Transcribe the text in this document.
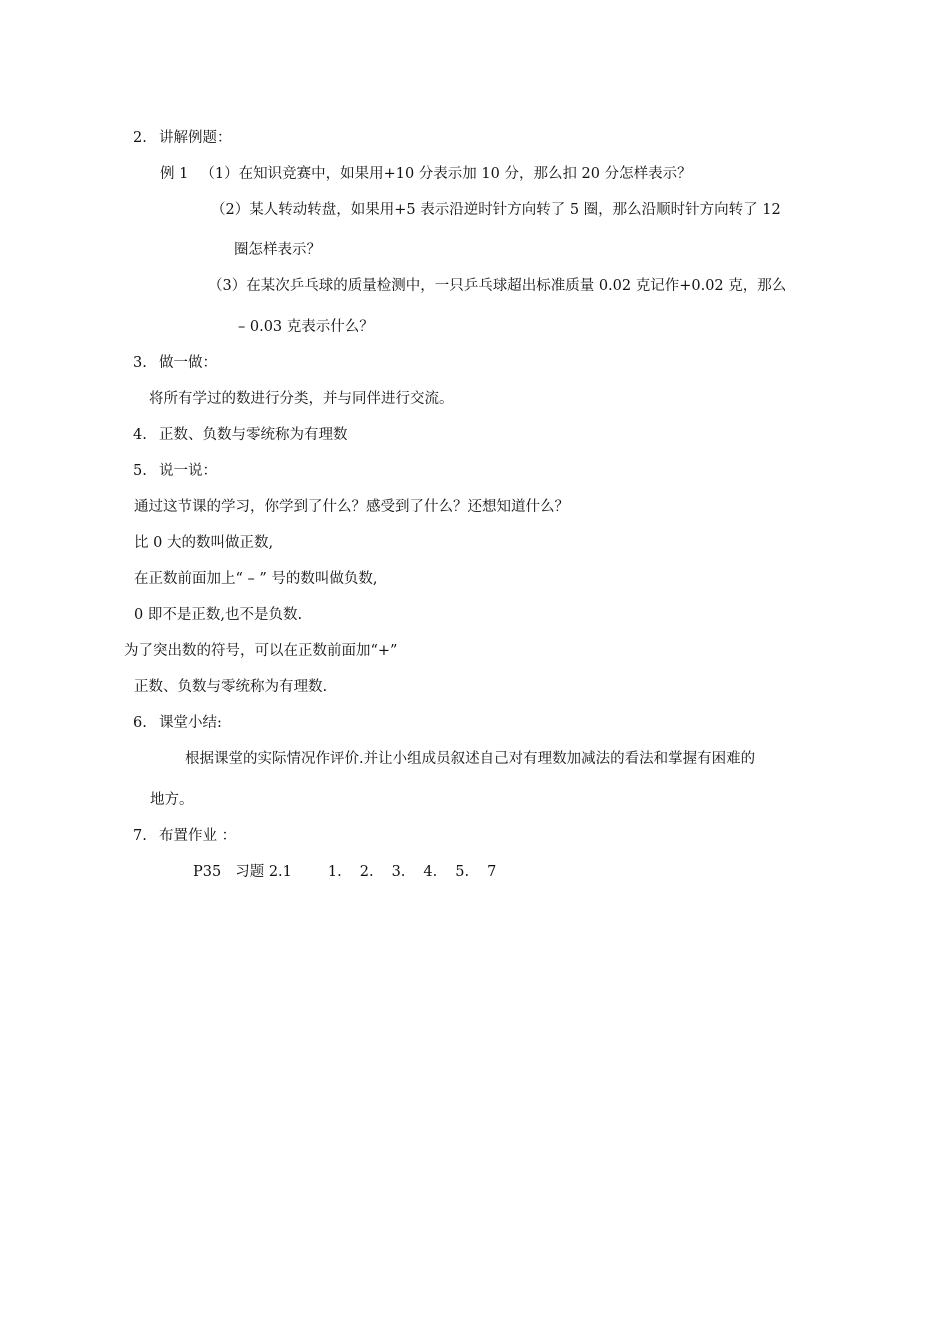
2. 讲解例题：
例 1 （1）在知识竞赛中，如果用+10 分表示加 10 分，那么扣 20 分怎样表示？
（2）某人转动转盘，如果用+5 表示沿逆时针方向转了 5 圈，那么沿顺时针方向转了 12
圈怎样表示？
（3）在某次乒乓球的质量检测中，一只乒乓球超出标准质量 0.02 克记作+0.02 克，那么
– 0.03 克表示什么？
3. 做一做：
将所有学过的数进行分类，并与同伴进行交流。
4. 正数、负数与零统称为有理数
5. 说一说：
通过这节课的学习，你学到了什么？感受到了什么？还想知道什么？
比 0 大的数叫做正数,
在正数前面加上“ – ” 号的数叫做负数,
0 即不是正数,也不是负数.
为了突出数的符号，可以在正数前面加“+”
正数、负数与零统称为有理数.
6. 课堂小结:
根据课堂的实际情况作评价.并让小组成员叙述自己对有理数加减法的看法和掌握有困难的
地方。
7. 布置作业 ：
P35 习题 2.1 1. 2. 3. 4. 5. 7
